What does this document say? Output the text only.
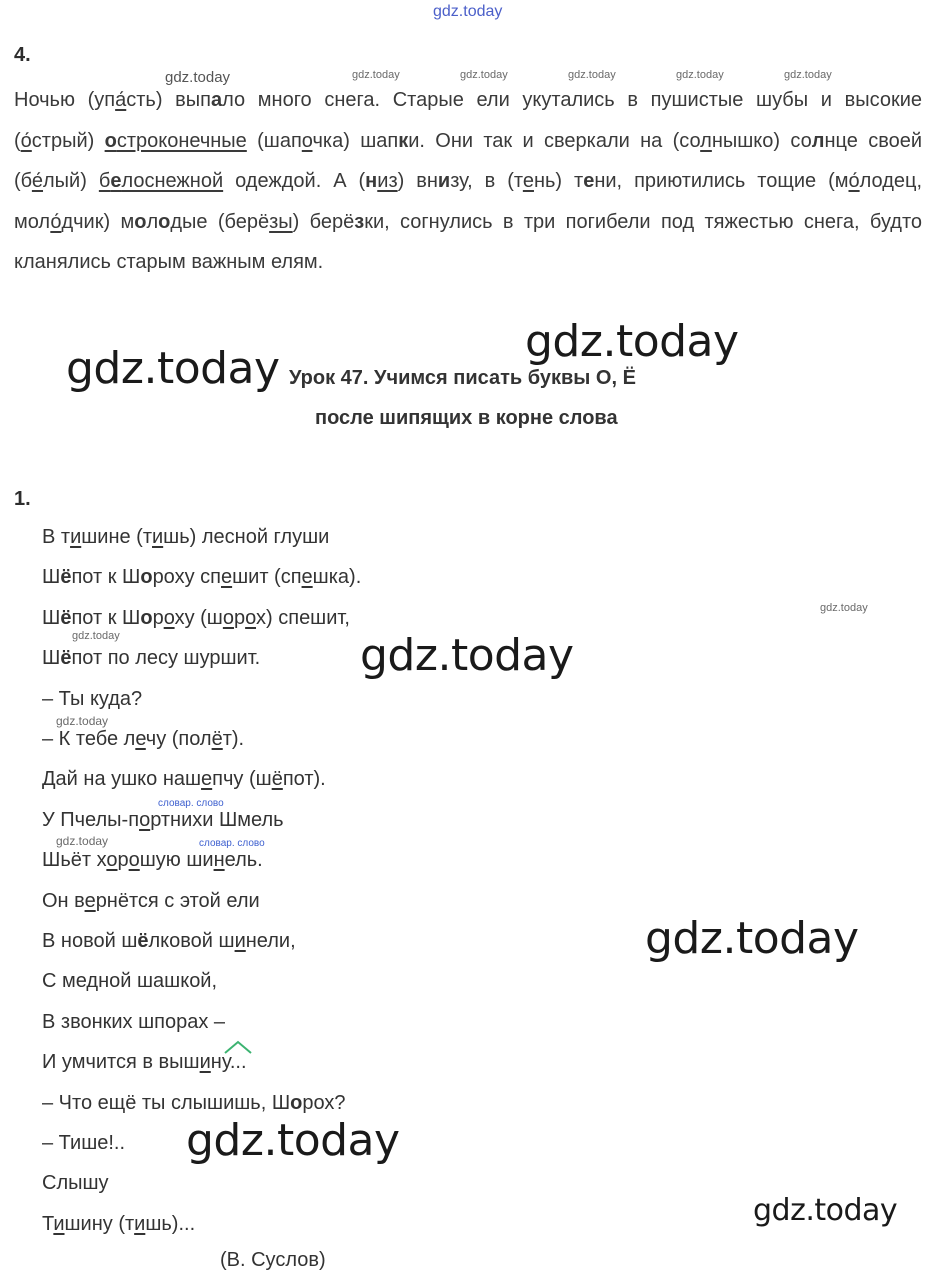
gdz.today
4.
gdz.today	gdz.today	gdz.today	gdz.today	gdz.today	gdz.today
Ночью (упа́сть) выпало много снега. Старые ели укутались в пушистые шубы и высокие (о́стрый) остроконечные (шапочка) шапки. Они так и сверкали на (солнышко) солнце своей (бе́лый) белоснежной одеждой. А (низ) внизу, в (тень) тени, приютились тощие (мо́лодец, моло́дчик) молодые (берёзы) берёзки, согнулись в три погибели под тяжестью снега, будто кланялись старым важным елям.
gdz.today
gdz.today Урок 47. Учимся писать буквы О, Ё
после шипящих в корне слова
1.
В тишине (тишь) лесной глуши
Шёпот к Шороху спешит (спешка).
Шёпот к Шороху (шорох) спешит,
Шёпот по лесу шуршит.
– Ты куда?
– К тебе лечу (полёт).
Дай на ушко нашепчу (шёпот).
У Пчелы-портнихи Шмель
Шьёт хорошую шинель.
Он вернётся с этой ели
В новой шёлковой шинели,
С медной шашкой,
В звонких шпорах –
И умчится в вышину...
– Что ещё ты слышишь, Шорох?
– Тише!..
Слышу
Тишину (тишь)...
gdz.today
gdz.today	gdz.today
gdz.today
словар. слово
gdz.today	словар. слово
gdz.today
gdz.today
gdz.today
(В. Суслов)
